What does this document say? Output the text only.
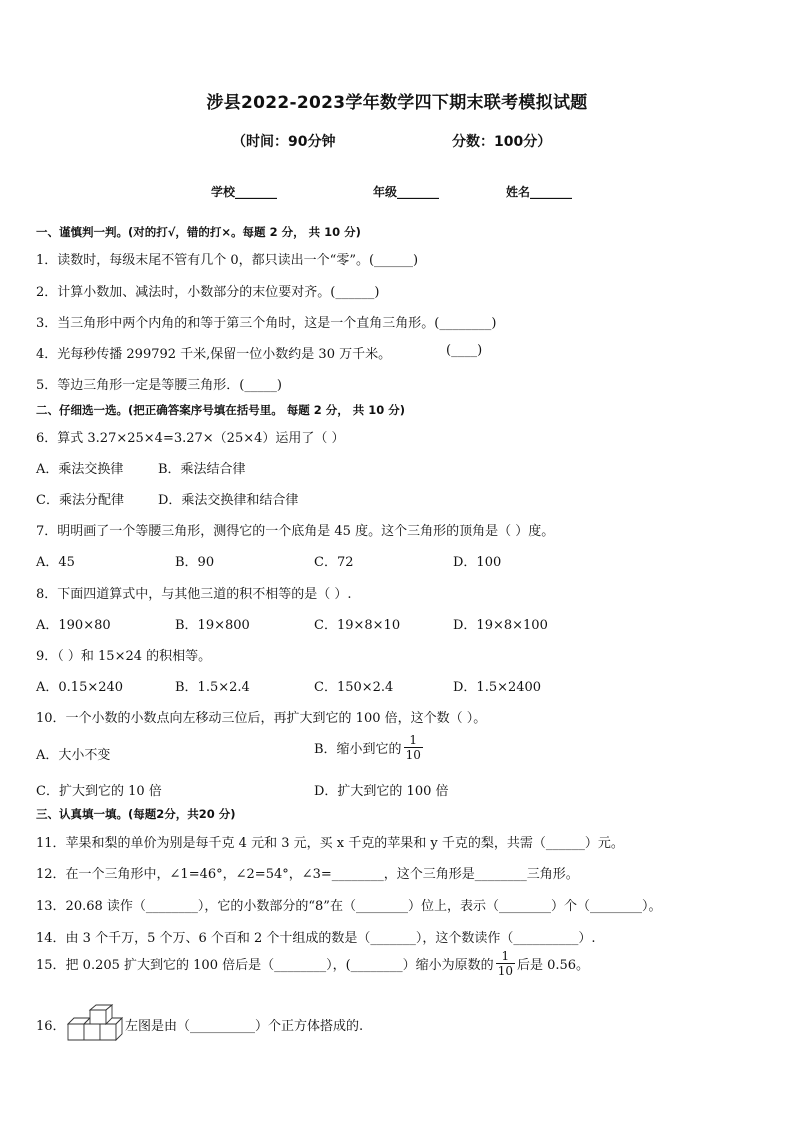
涉县2022-2023学年数学四下期末联考模拟试题
（时间：90分钟	分数：100分）
学校_______	年级_______	姓名_______
一、谨慎判一判。(对的打√，错的打×。每题 2 分， 共 10 分)
1．读数时，每级末尾不管有几个 0，都只读出一个“零”。(______)
2．计算小数加、减法时，小数部分的末位要对齐。(______)
3．当三角形中两个内角的和等于第三个角时，这是一个直角三角形。(________)
4．光每秒传播 299792 千米,保留一位小数约是 30 万千米。	(____)
5．等边三角形一定是等腰三角形．(_____)
二、仔细选一选。(把正确答案序号填在括号里。 每题 2 分， 共 10 分)
6．算式 3.27×25×4=3.27×（25×4）运用了（ ）
A．乘法交换律	B．乘法结合律
C．乘法分配律	D．乘法交换律和结合律
7．明明画了一个等腰三角形，测得它的一个底角是 45 度。这个三角形的顶角是（ ）度。
A．45	B．90	C．72	D．100
8．下面四道算式中，与其他三道的积不相等的是（ ）.
A．190×80	B．19×800	C．19×8×10	D．19×8×100
9．（ ）和 15×24 的积相等。
A．0.15×240	B．1.5×2.4	C．150×2.4	D．1.5×2400
10．一个小数的小数点向左移动三位后，再扩大到它的 100 倍，这个数（ ）。
A．大小不变	B．缩小到它的 $\frac{1}{10}$
C．扩大到它的 10 倍	D．扩大到它的 100 倍
三、认真填一填。(每题2分，共20 分)
11．苹果和梨的单价为别是每千克 4 元和 3 元，买 x 千克的苹果和 y 千克的梨，共需（______）元。
12．在一个三角形中，∠1=46°，∠2=54°，∠3=________，这个三角形是________三角形。
13．20.68 读作（________），它的小数部分的“8”在（________）位上，表示（________）个（________）。
14．由 3 个千万，5 个万、6 个百和 2 个十组成的数是（_______），这个数读作（__________）.
15．把 0.205 扩大到它的 100 倍后是（________），(________）缩小为原数的 $\frac{1}{10}$ 后是 0.56。
16．	左图是由（__________）个正方体搭成的.
